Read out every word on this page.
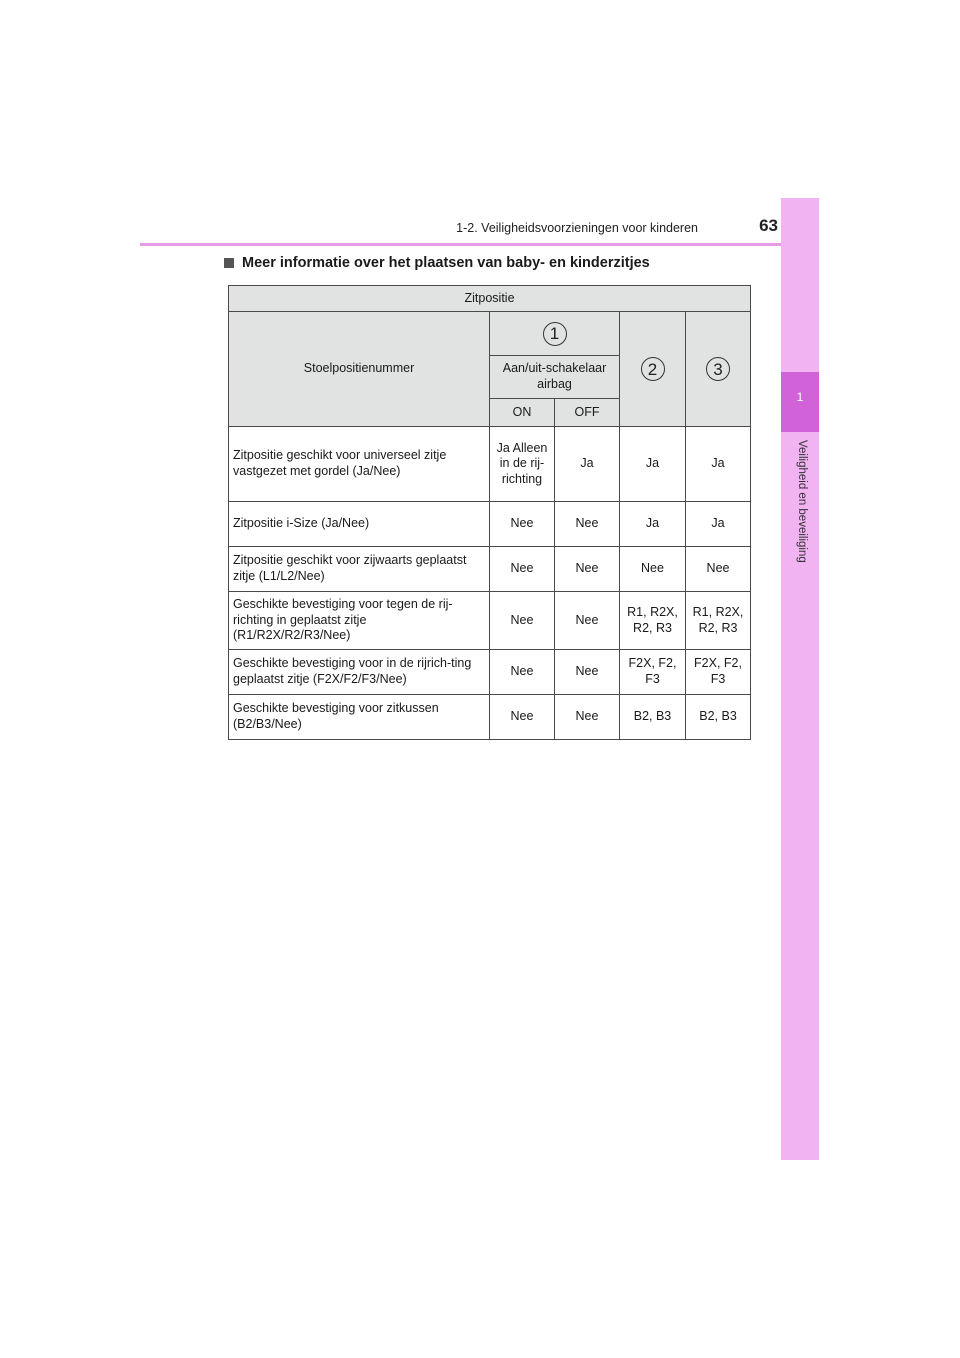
1-2. Veiligheidsvoorzieningen voor kinderen	63
1
Veiligheid en beveiliging
Meer informatie over het plaatsen van baby- en kinderzitjes
Zitpositie				
Stoelpositienummer	1		2	3
	Aan/uit-schakelaar airbag			
	ON	OFF		
Zitpositie geschikt voor universeel zitje vastgezet met gordel (Ja/Nee)	Ja Alleen in de rij-richting	Ja	Ja	Ja
Zitpositie i-Size (Ja/Nee)	Nee	Nee	Ja	Ja
Zitpositie geschikt voor zijwaarts geplaatst zitje (L1/L2/Nee)	Nee	Nee	Nee	Nee
Geschikte bevestiging voor tegen de rij-richting in geplaatst zitje (R1/R2X/R2/R3/Nee)	Nee	Nee	R1, R2X, R2, R3	R1, R2X, R2, R3
Geschikte bevestiging voor in de rijrich-ting geplaatst zitje (F2X/F2/F3/Nee)	Nee	Nee	F2X, F2, F3	F2X, F2, F3
Geschikte bevestiging voor zitkussen (B2/B3/Nee)	Nee	Nee	B2, B3	B2, B3
